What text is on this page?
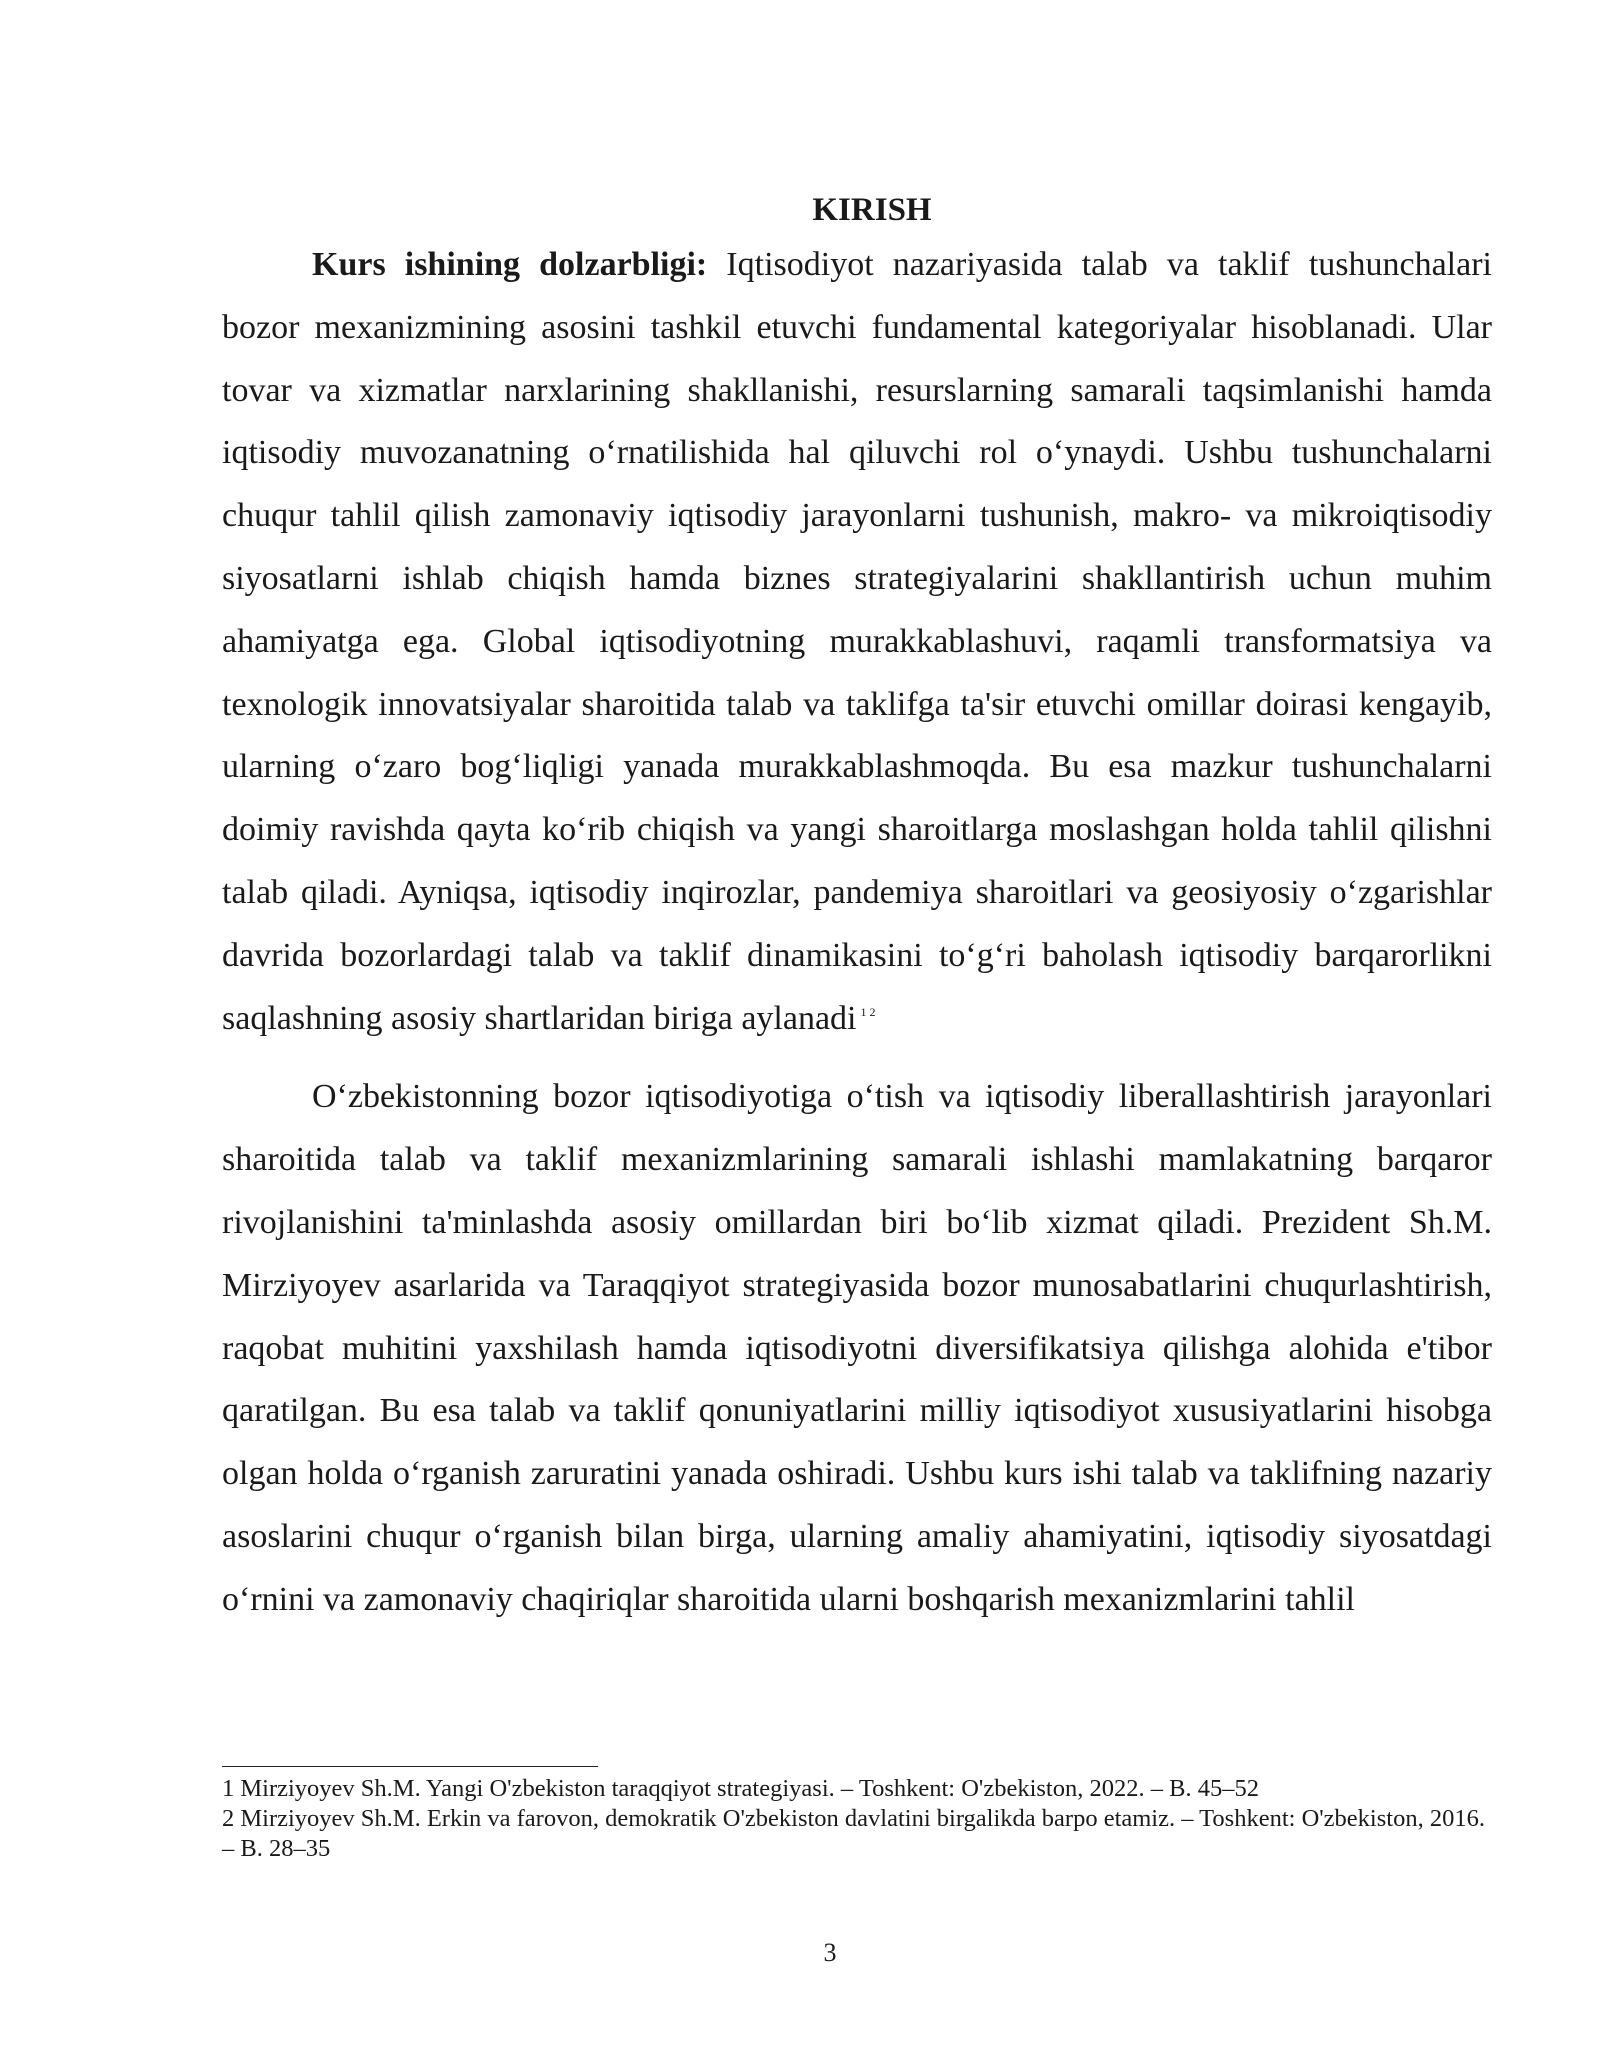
KIRISH

Kurs ishining dolzarbligi: Iqtisodiyot nazariyasida talab va taklif tushunchalari bozor mexanizmining asosini tashkil etuvchi fundamental kategoriyalar hisoblanadi. Ular tovar va xizmatlar narxlarining shakllanishi, resurslarning samarali taqsimlanishi hamda iqtisodiy muvozanatning o‘rnatilishida hal qiluvchi rol o‘ynaydi. Ushbu tushunchalarni chuqur tahlil qilish zamonaviy iqtisodiy jarayonlarni tushunish, makro- va mikroiqtisodiy siyosatlarni ishlab chiqish hamda biznes strategiyalarini shakllantirish uchun muhim ahamiyatga ega. Global iqtisodiyotning murakkablashuvi, raqamli transformatsiya va texnologik innovatsiyalar sharoitida talab va taklifga ta'sir etuvchi omillar doirasi kengayib, ularning o‘zaro bog‘liqligi yanada murakkablashmoqda. Bu esa mazkur tushunchalarni doimiy ravishda qayta ko‘rib chiqish va yangi sharoitlarga moslashgan holda tahlil qilishni talab qiladi. Ayniqsa, iqtisodiy inqirozlar, pandemiya sharoitlari va geosiyosiy o‘zgarishlar davrida bozorlardagi talab va taklif dinamikasini to‘g‘ri baholash iqtisodiy barqarorlikni saqlashning asosiy shartlaridan biriga aylanadi $^{1 2}$

O‘zbekistonning bozor iqtisodiyotiga o‘tish va iqtisodiy liberallashtirish jarayonlari sharoitida talab va taklif mexanizmlarining samarali ishlashi mamlakatning barqaror rivojlanishini ta'minlashda asosiy omillardan biri bo‘lib xizmat qiladi. Prezident Sh.M. Mirziyoyev asarlarida va Taraqqiyot strategiyasida bozor munosabatlarini chuqurlashtirish, raqobat muhitini yaxshilash hamda iqtisodiyotni diversifikatsiya qilishga alohida e'tibor qaratilgan. Bu esa talab va taklif qonuniyatlarini milliy iqtisodiyot xususiyatlarini hisobga olgan holda o‘rganish zaruratini yanada oshiradi. Ushbu kurs ishi talab va taklifning nazariy asoslarini chuqur o‘rganish bilan birga, ularning amaliy ahamiyatini, iqtisodiy siyosatdagi o‘rnini va zamonaviy chaqiriqlar sharoitida ularni boshqarish mexanizmlarini tahlil

1 Mirziyoyev Sh.M. Yangi O'zbekiston taraqqiyot strategiyasi. – Toshkent: O'zbekiston, 2022. – B. 45–52

2 Mirziyoyev Sh.M. Erkin va farovon, demokratik O'zbekiston davlatini birgalikda barpo etamiz. – Toshkent: O'zbekiston, 2016. – B. 28–35

3
